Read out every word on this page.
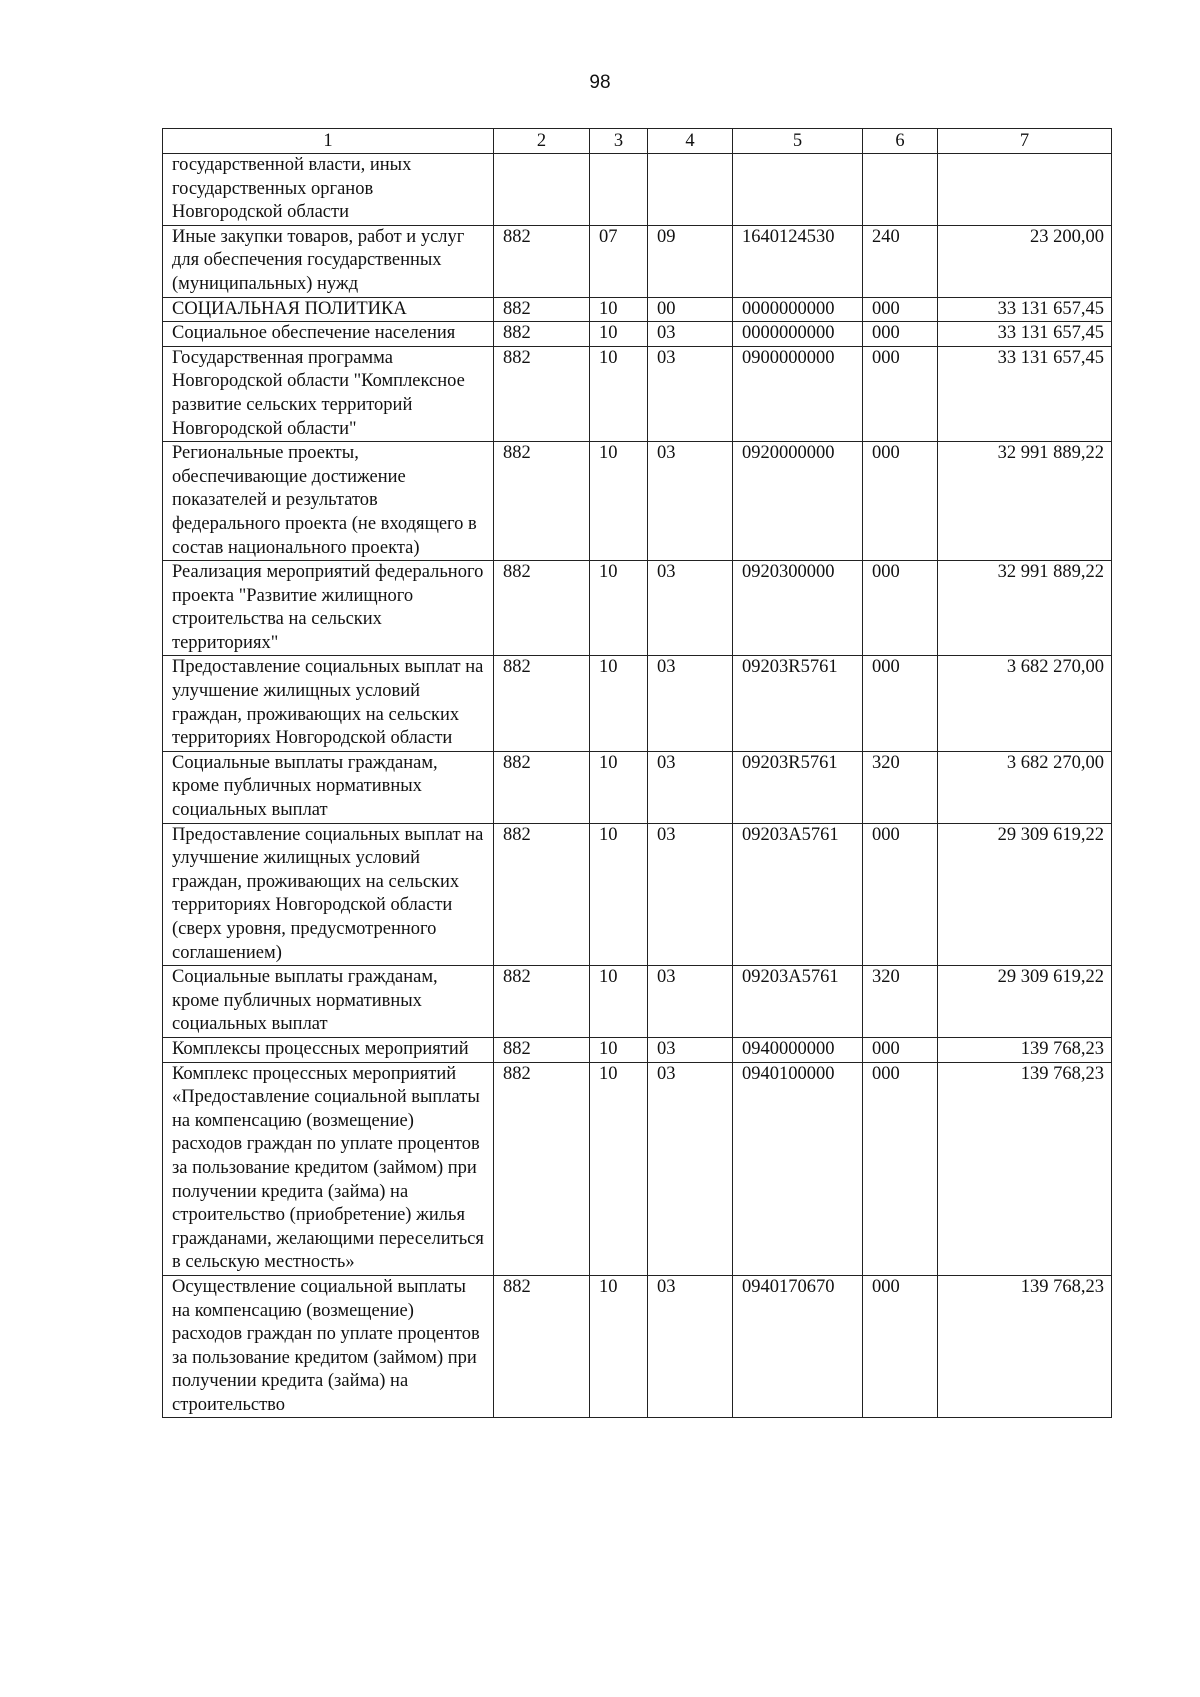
98
1	2	3	4	5	6	7
государственной власти, иных государственных органов Новгородской области						
Иные закупки товаров, работ и услуг для обеспечения государственных (муниципальных) нужд	882	07	09	1640124530	240	23 200,00
СОЦИАЛЬНАЯ ПОЛИТИКА	882	10	00	0000000000	000	33 131 657,45
Социальное обеспечение населения	882	10	03	0000000000	000	33 131 657,45
Государственная программа Новгородской области "Комплексное развитие сельских территорий Новгородской области"	882	10	03	0900000000	000	33 131 657,45
Региональные проекты, обеспечивающие достижение показателей и результатов федерального проекта (не входящего в состав национального проекта)	882	10	03	0920000000	000	32 991 889,22
Реализация мероприятий федерального проекта "Развитие жилищного строительства на сельских территориях"	882	10	03	0920300000	000	32 991 889,22
Предоставление социальных выплат на улучшение жилищных условий граждан, проживающих на сельских территориях Новгородской области	882	10	03	09203R5761	000	3 682 270,00
Социальные выплаты гражданам, кроме публичных нормативных социальных выплат	882	10	03	09203R5761	320	3 682 270,00
Предоставление социальных выплат на улучшение жилищных условий граждан, проживающих на сельских территориях Новгородской области (сверх уровня, предусмотренного соглашением)	882	10	03	09203A5761	000	29 309 619,22
Социальные выплаты гражданам, кроме публичных нормативных социальных выплат	882	10	03	09203A5761	320	29 309 619,22
Комплексы процессных мероприятий	882	10	03	0940000000	000	139 768,23
Комплекс процессных мероприятий «Предоставление социальной выплаты на компенсацию (возмещение) расходов граждан по уплате процентов за пользование кредитом (займом) при получении кредита (займа) на строительство (приобретение) жилья гражданами, желающими переселиться в сельскую местность»	882	10	03	0940100000	000	139 768,23
Осуществление социальной выплаты на компенсацию (возмещение) расходов граждан по уплате процентов за пользование кредитом (займом) при получении кредита (займа) на строительство	882	10	03	0940170670	000	139 768,23
